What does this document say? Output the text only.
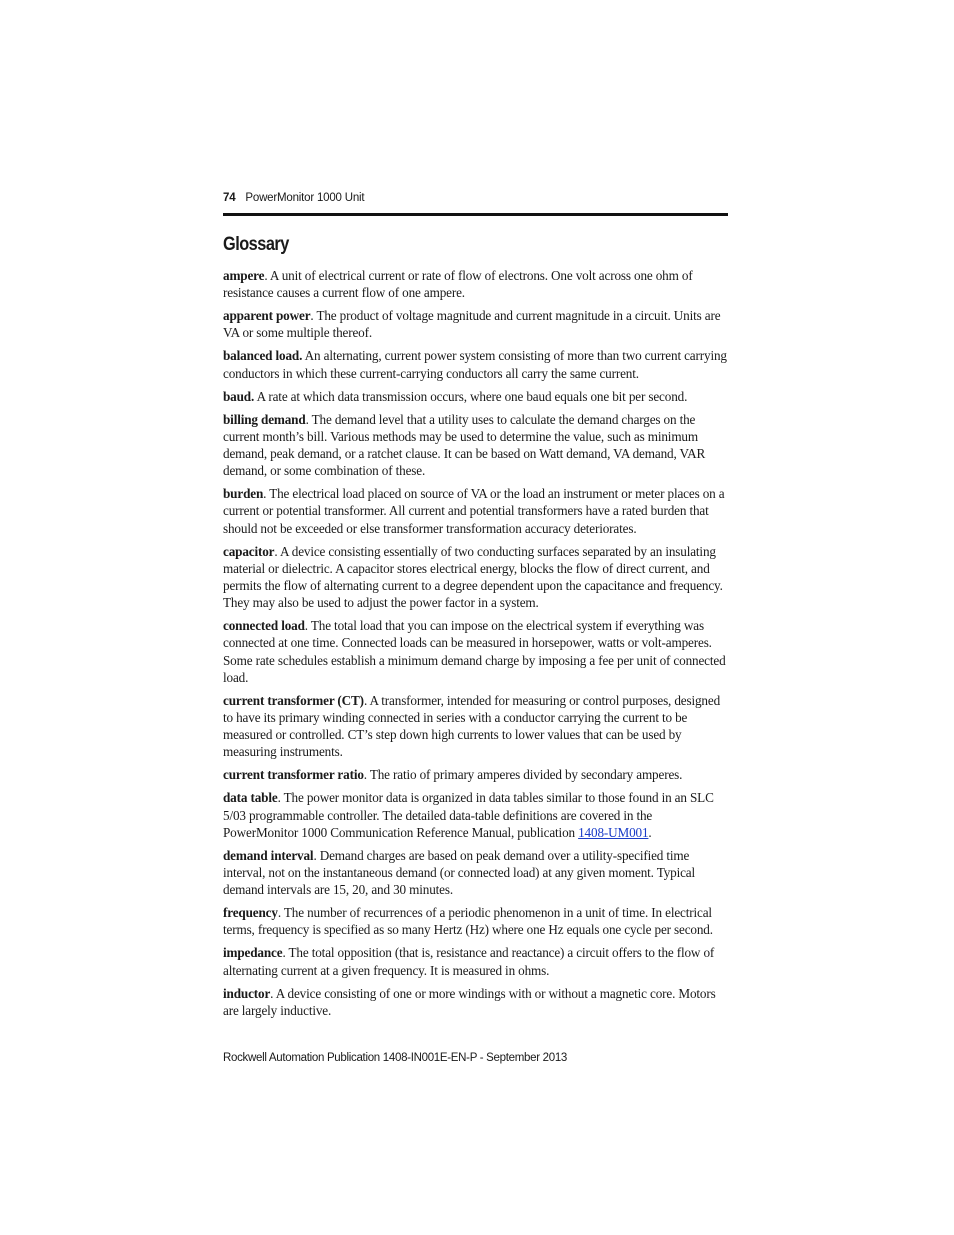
74 PowerMonitor 1000 Unit
Glossary

ampere. A unit of electrical current or rate of flow of electrons. One volt across one ohm of resistance causes a current flow of one ampere.

apparent power. The product of voltage magnitude and current magnitude in a circuit. Units are VA or some multiple thereof.

balanced load. An alternating, current power system consisting of more than two current carrying conductors in which these current-carrying conductors all carry the same current.

baud. A rate at which data transmission occurs, where one baud equals one bit per second.

billing demand. The demand level that a utility uses to calculate the demand charges on the current month’s bill. Various methods may be used to determine the value, such as minimum demand, peak demand, or a ratchet clause. It can be based on Watt demand, VA demand, VAR demand, or some combination of these.

burden. The electrical load placed on source of VA or the load an instrument or meter places on a current or potential transformer. All current and potential transformers have a rated burden that should not be exceeded or else transformer transformation accuracy deteriorates.

capacitor. A device consisting essentially of two conducting surfaces separated by an insulating material or dielectric. A capacitor stores electrical energy, blocks the flow of direct current, and permits the flow of alternating current to a degree dependent upon the capacitance and frequency. They may also be used to adjust the power factor in a system.

connected load. The total load that you can impose on the electrical system if everything was connected at one time. Connected loads can be measured in horsepower, watts or volt-amperes. Some rate schedules establish a minimum demand charge by imposing a fee per unit of connected load.

current transformer (CT). A transformer, intended for measuring or control purposes, designed to have its primary winding connected in series with a conductor carrying the current to be measured or controlled. CT’s step down high currents to lower values that can be used by measuring instruments.

current transformer ratio. The ratio of primary amperes divided by secondary amperes.

data table. The power monitor data is organized in data tables similar to those found in an SLC 5/03 programmable controller. The detailed data-table definitions are covered in the PowerMonitor 1000 Communication Reference Manual, publication 1408-UM001.

demand interval. Demand charges are based on peak demand over a utility-specified time interval, not on the instantaneous demand (or connected load) at any given moment. Typical demand intervals are 15, 20, and 30 minutes.

frequency. The number of recurrences of a periodic phenomenon in a unit of time. In electrical terms, frequency is specified as so many Hertz (Hz) where one Hz equals one cycle per second.

impedance. The total opposition (that is, resistance and reactance) a circuit offers to the flow of alternating current at a given frequency. It is measured in ohms.

inductor. A device consisting of one or more windings with or without a magnetic core. Motors are largely inductive.

Rockwell Automation Publication 1408-IN001E-EN-P - September 2013
